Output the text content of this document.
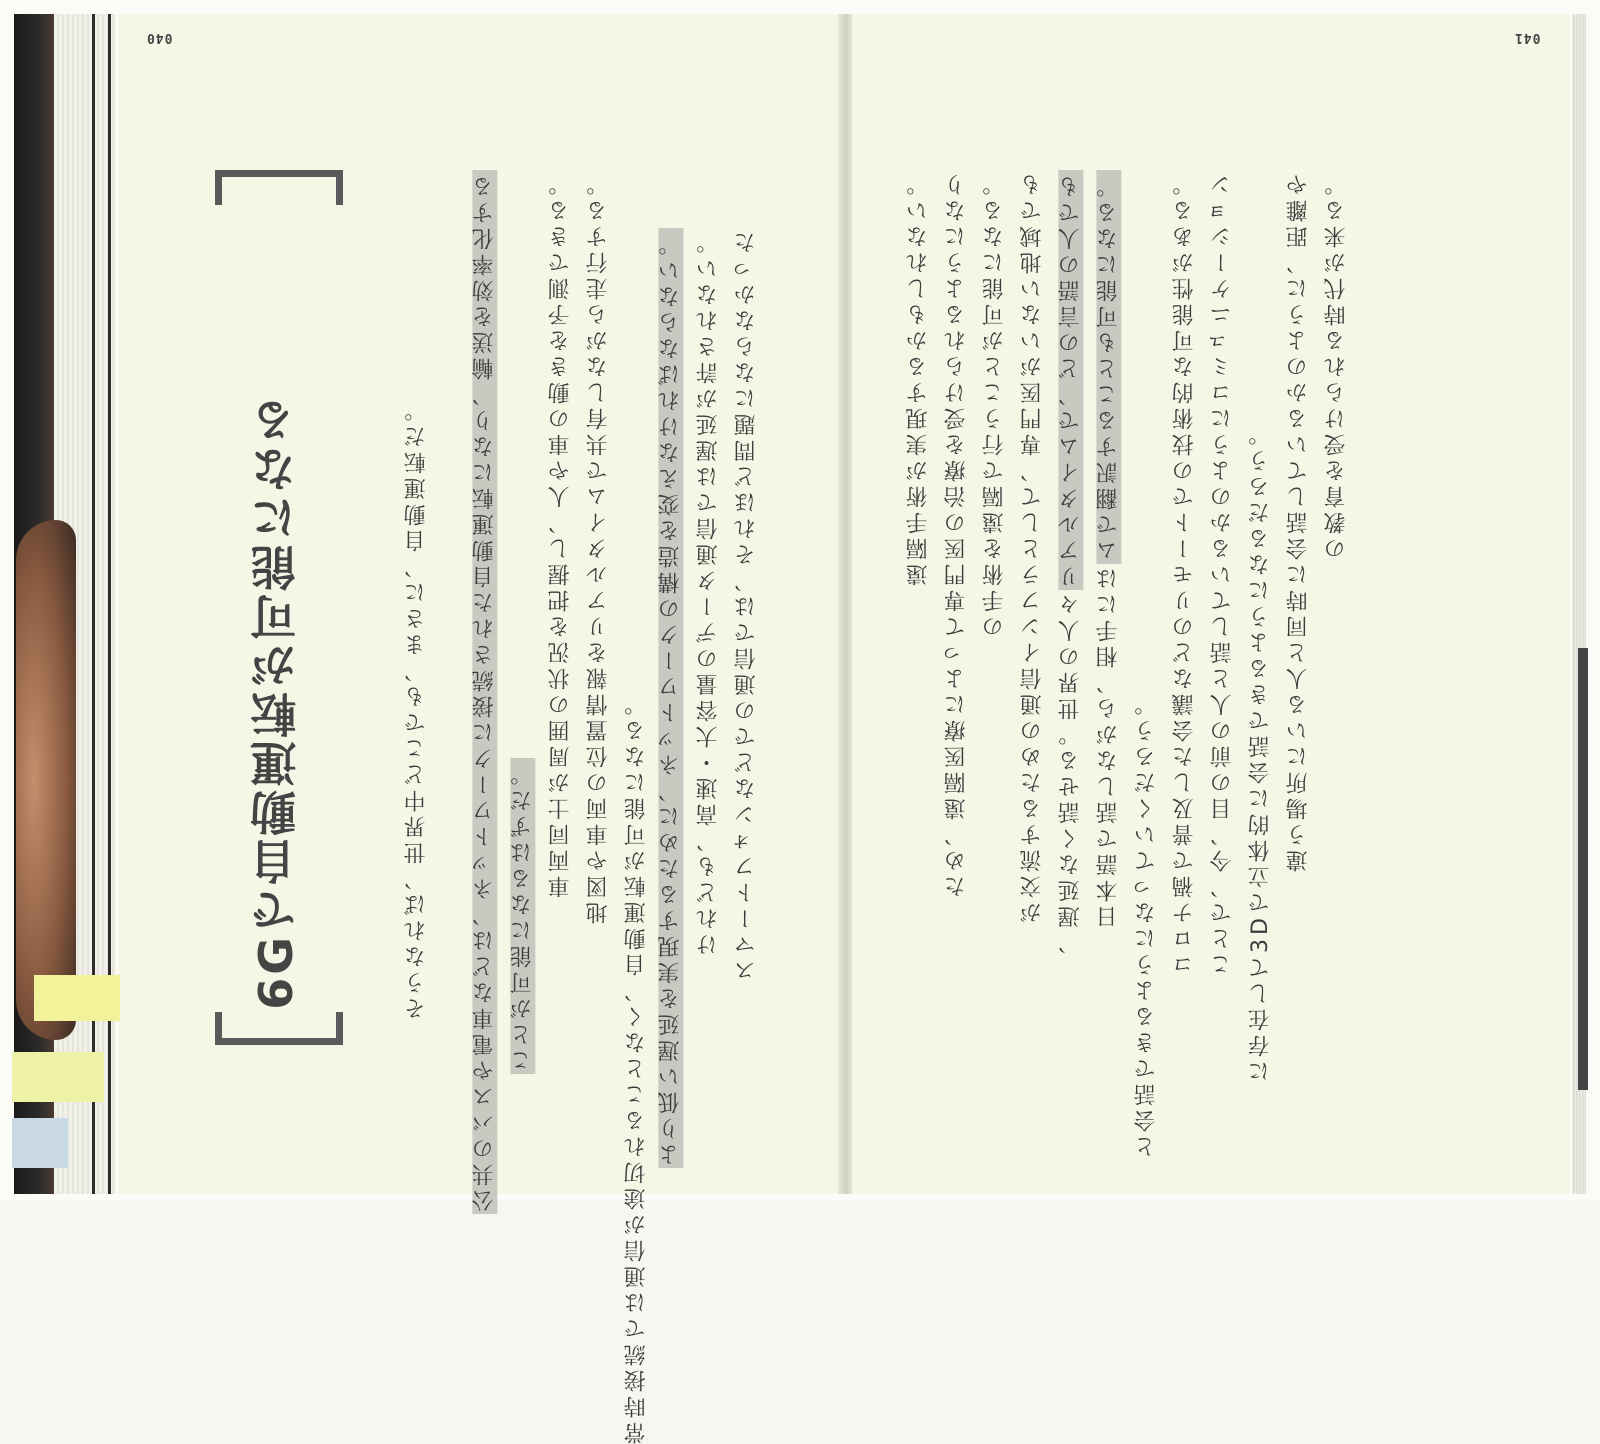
040
6Gで自動運転が可能になる	そうなれば、世界中どこでも、まさに、自動運転だ。 公共のバスや電車などは、ネットワークに接続された自動運転になり、輸送を効率化する ことが可能になるはずだ。
車両同士が周囲の状況を把握し、人や車の動きを予測できる。 地図や車両の位置情報をリアルタイムで共有しながら走行する。
常時接続では通信が途切れることなく、自動運転が可能になる。 より低い遅延を実現するために、ネットワークの構造を変えなければならない。 けれども、高速・大容量のデータ通信では遅延が許されない。 スマートフォンなどでの通信では、それほど問題にならなかった
041
遠隔手術が実現するかもしれない。 ため、遠隔医療によって専門医の治療を受けられるようになり の手術を遠隔で行うことが可能になる。 が交流するための通信インフラとして、専門医がいない地域でも 、遅延なく話せる。世界の人々リアルタイムで、どの言語の人でも
日本語で話しながら、相手にはムで翻訳することも可能になる。
と会話できるようになっていくだろう。 コロナ禍で普及した会議などのリモートでの技術的な可能性がある。 ことで、今、目の前の人と話しているかのようにコミュニケーション に存在して3Dで立体的に会話できるようになるだろう。 違う場所にいる人と同時に会話しているかのように、距離や の教育を受けられる時代が来る。
